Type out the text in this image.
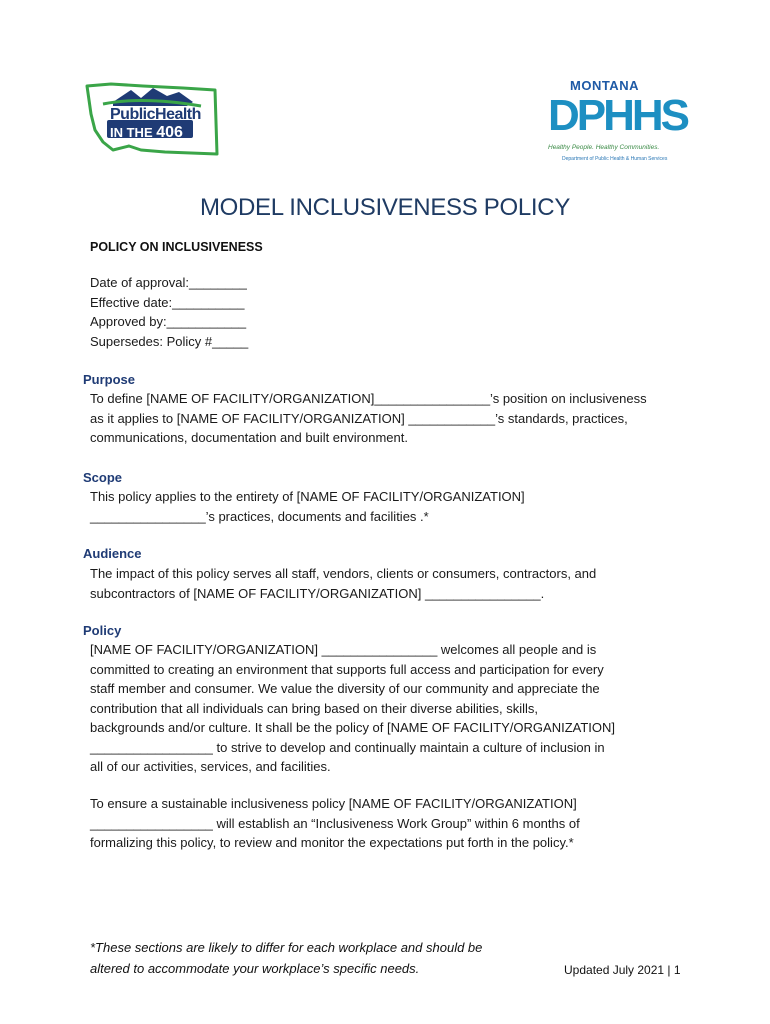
PublicHealth
IN THE 406
MONTANA
DPHHS
Healthy People. Healthy Communities.
Department of Public Health & Human Services
MODEL INCLUSIVENESS POLICY
POLICY ON INCLUSIVENESS
Date of approval:________
Effective date:__________
Approved by:___________
Supersedes: Policy #_____
Purpose
To define [NAME OF FACILITY/ORGANIZATION]________________’s position on inclusiveness
as it applies to [NAME OF FACILITY/ORGANIZATION] ____________’s standards, practices,
communications, documentation and built environment.
Scope
This policy applies to the entirety of [NAME OF FACILITY/ORGANIZATION]
________________’s practices, documents and facilities .*
Audience
The impact of this policy serves all staff, vendors, clients or consumers, contractors, and
subcontractors of [NAME OF FACILITY/ORGANIZATION] ________________.
Policy
[NAME OF FACILITY/ORGANIZATION] ________________ welcomes all people and is
committed to creating an environment that supports full access and participation for every
staff member and consumer. We value the diversity of our community and appreciate the
contribution that all individuals can bring based on their diverse abilities, skills,
backgrounds and/or culture. It shall be the policy of [NAME OF FACILITY/ORGANIZATION]
_________________ to strive to develop and continually maintain a culture of inclusion in
all of our activities, services, and facilities.
To ensure a sustainable inclusiveness policy [NAME OF FACILITY/ORGANIZATION]
_________________ will establish an “Inclusiveness Work Group” within 6 months of
formalizing this policy, to review and monitor the expectations put forth in the policy.*
*These sections are likely to differ for each workplace and should be
altered to accommodate your workplace’s specific needs.	Updated July 2021 | 1
